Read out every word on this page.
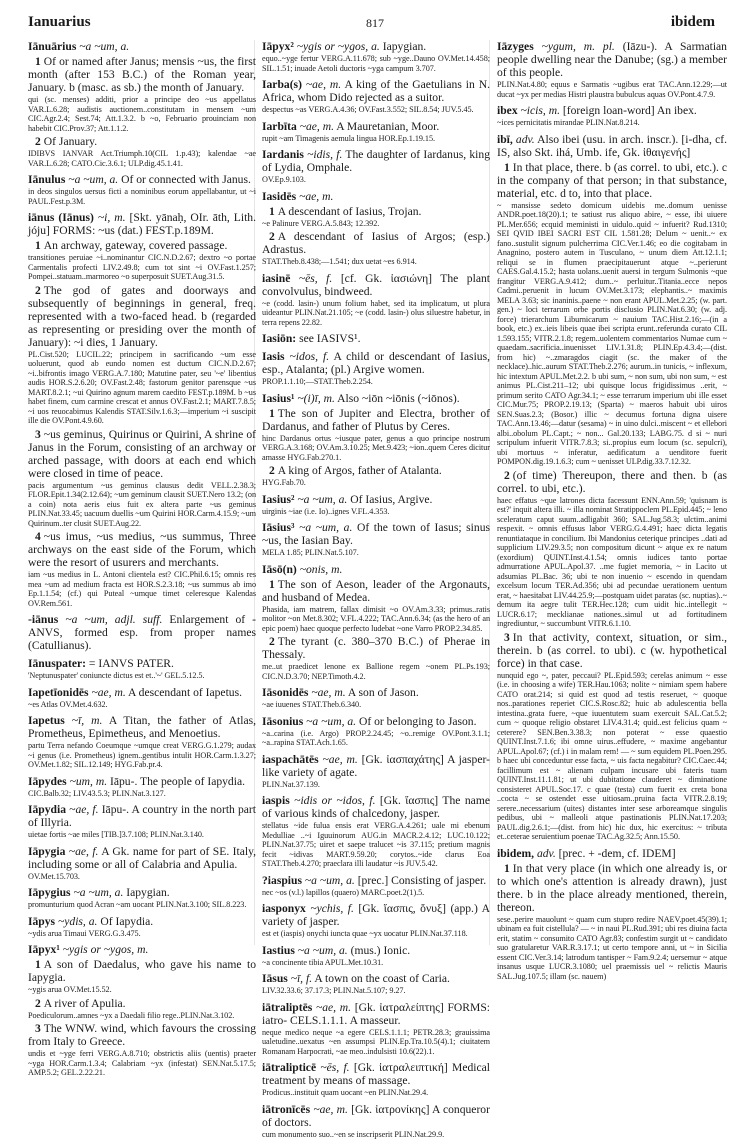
Ianuarius	817	ibidem
Iānuārius ~a ~um, a.
1 Of or named after Janus; mensis ~us, the first month (after 153 B.C.) of the Roman year, January. b (masc. as sb.) the month of January.
qui (sc. menses) additi, prior a principe deo ~us appellatus VAR.L.6.28; audistis auctionem..constitutam in mensem ~um CIC.Agr.2.4; Sest.74; Att.1.3.2. b ~o, Februario prouinciam non habebit CIC.Prov.37; Att.1.1.2.
2 Of January.
IDIBVS IANVAR Act.Triumph.10(CIL 1.p.43); kalendae ~ae VAR.L.6.28; CATO.Cic.3.6.1; ULP.dig.45.1.41.
Iānulus ~a ~um, a. Of or connected with Janus.
in deos singulos uersus ficti a nominibus eorum appellabantur, ut ~i PAUL.Fest.p.3M.
iānus (Iānus) ~i, m. [Skt. yānaḥ, OIr. āth, Lith. jóju] FORMS: ~us (dat.) FEST.p.189M.
1 An archway, gateway, covered passage.
transitiones peruiae ~i..nominantur CIC.N.D.2.67; dextro ~o portae Carmentalis profecti LIV.2.49.8; cum tot sint ~i OV.Fast.1.257; Pompei..statuam..marmoreo ~o superposuit SUET.Aug.31.5.
2 The god of gates and doorways and subsequently of beginnings in general, freq. represented with a two-faced head. b (regarded as representing or presiding over the month of January): ~i dies, 1 January.
PL.Cist.520; LUCIL.22; principem in sacrificando ~um esse uoluerunt, quod ab eundo nomen est ductum CIC.N.D.2.67; ~i..bifrontis imago VERG.A.7.180; Matutine pater, seu '~e' libentius audis HOR.S.2.6.20; OV.Fast.2.48; fastorum genitor parensque ~us MART.8.2.1; ~ui Quirino agnum marem caedito FEST.p.189M. b ~us habet finem, cum carmine crescat et annus OV.Fast.2.1; MART.7.8.5; ~i uos reuocabimus Kalendis STAT.Silv.1.6.3;—imperium ~i suscipit ille die OV.Pont.4.9.60.
3 ~us geminus, Quirinus or Quirini, A shrine of Janus in the Forum, consisting of an archway or arched passage, with doors at each end which were closed in time of peace.
pacis argumentum ~us geminus clausus dedit VELL.2.38.3; FLOR.Epit.1.34(2.12.64); ~um geminum clausit SUET.Nero 13.2; (on a coin) nota aeris eius fuit ex altera parte ~us geminus PLIN.Nat.33.45; uacuum duellis ~um Quirini HOR.Carm.4.15.9; ~um Quirinum..ter clusit SUET.Aug.22.
4 ~us imus, ~us medius, ~us summus, Three archways on the east side of the Forum, which were the resort of usurers and merchants.
iam ~us medius in L. Antoni clientela est? CIC.Phil.6.15; omnis res mea ~um ad medium fracta est HOR.S.2.3.18; ~us summus ab imo Ep.1.1.54; (cf.) qui Puteal ~umque timet celeresque Kalendas OV.Rem.561.
-iānus ~a ~um, adjl. suff. Enlargement of -ANVS, formed esp. from proper names (Catullianus).
Iānuspater: = IANVS PATER.
'Neptunuspater' coniuncte dictus est et..'~' GEL.5.12.5.
Iapetīonidēs ~ae, m. A descendant of Iapetus.
~es Atlas OV.Met.4.632.
Iapetus ~ī, m. A Titan, the father of Atlas, Prometheus, Epimetheus, and Menoetius.
partu Terra nefando Coeumque ~umque creat VERG.G.1.279; audax ~i genus (i.e. Prometheus) ignem..gentibus intulit HOR.Carm.1.3.27; OV.Met.1.82; SIL.12.149; HYG.Fab.pr.4.
Iāpydes ~um, m. Iāpu-. The people of Iapydia.
CIC.Balb.32; LIV.43.5.3; PLIN.Nat.3.127.
Iāpydia ~ae, f. Iāpu-. A country in the north part of Illyria.
uietae fortis ~ae miles [TIB.]3.7.108; PLIN.Nat.3.140.
Iāpygia ~ae, f. A Gk. name for part of SE. Italy, including some or all of Calabria and Apulia.
OV.Met.15.703.
Iāpygius ~a ~um, a. Iapygian.
promunturium quod Acran ~am uocant PLIN.Nat.3.100; SIL.8.223.
Iāpys ~ydis, a. Of Iapydia.
~ydis arua Timaui VERG.G.3.475.
Iāpyx¹ ~ygis or ~ygos, m.
1 A son of Daedalus, who gave his name to Iapygia.
~ygis arua OV.Met.15.52.
2 A river of Apulia.
Poediculorum..amnes ~yx a Daedali filio rege..PLIN.Nat.3.102.
3 The WNW. wind, which favours the crossing from Italy to Greece.
undis et ~yge ferri VERG.A.8.710; obstrictis aliis (uentis) praeter ~yga HOR.Carm.1.3.4; Calabriam ~yx (infestat) SEN.Nat.5.17.5; AMP.5.2; GEL.2.22.21.
Iāpyx² ~ygis or ~ygos, a. Iapygian.
equo..~yge fertur VERG.A.11.678; sub ~yge..Dauno OV.Met.14.458; SIL.1.51; inuade Aetoli ductoris ~yga campum 3.707.
Iarba(s) ~ae, m. A king of the Gaetulians in N. Africa, whom Dido rejected as a suitor.
despectus ~as VERG.A.4.36; OV.Fast.3.552; SIL.8.54; JUV.5.45.
Iarbīta ~ae, m. A Mauretanian, Moor.
rupit ~am Timagenis aemula lingua HOR.Ep.1.19.15.
Iardanis ~idis, f. The daughter of Iardanus, king of Lydia, Omphale.
OV.Ep.9.103.
Iasidēs ~ae, m.
1 A descendant of Iasius, Trojan.
~e Palinure VERG.A.5.843; 12.392.
2 A descendant of Iasius of Argos; (esp.) Adrastus.
STAT.Theb.8.438;—1.541; dux uetat ~es 6.914.
iasinē ~ēs, f. [cf. Gk. ἰασιώνη] The plant convolvulus, bindweed.
~e (codd. lasin-) unum folium habet, sed ita implicatum, ut plura uideantur PLIN.Nat.21.105; ~e (codd. lasin-) olus siluestre habetur, in terra repens 22.82.
Iasiōn: see IASIVS¹.
Iasis ~idos, f. A child or descendant of Iasius, esp., Atalanta; (pl.) Argive women.
PROP.1.1.10;—STAT.Theb.2.254.
Iasius¹ ~(i)ī, m. Also ~iōn ~iōnis (~iōnos).
1 The son of Jupiter and Electra, brother of Dardanus, and father of Plutus by Ceres.
hinc Dardanus ortus ~iusque pater, genus a quo principe nostrum VERG.A.3.168; OV.Am.3.10.25; Met.9.423; ~ion..quem Ceres dicitur amasse HYG.Fab.270.1.
2 A king of Argos, father of Atalanta.
HYG.Fab.70.
Iasius² ~a ~um, a. Of Iasius, Argive.
uirginis ~iae (i.e. Io)..ignes V.FL.4.353.
Iāsius³ ~a ~um, a. Of the town of Iasus; sinus ~us, the Iasian Bay.
MELA 1.85; PLIN.Nat.5.107.
Iāsō(n) ~onis, m.
1 The son of Aeson, leader of the Argonauts, and husband of Medea.
Phasida, iam matrem, fallax dimisit ~o OV.Am.3.33; primus..ratis molitor ~on Met.8.302; V.FL.4.222; TAC.Ann.6.34; (as the hero of an epic poem) haec quoque perfecto ludebat ~one Varro PROP.2.34.85.
2 The tyrant (c. 380–370 B.C.) of Pherae in Thessaly.
me..ut praedicet lenone ex Ballione regem ~onem PL.Ps.193; CIC.N.D.3.70; NEP.Timoth.4.2.
Iāsonidēs ~ae, m. A son of Jason.
~ae iuuenes STAT.Theb.6.340.
Iāsonius ~a ~um, a. Of or belonging to Jason.
~a..carina (i.e. Argo) PROP.2.24.45; ~o..remige OV.Pont.3.1.1; ~a..rapina STAT.Ach.1.65.
iaspachātēs ~ae, m. [Gk. ἰασπαχάτης] A jasper-like variety of agate.
PLIN.Nat.37.139.
iaspis ~idis or ~idos, f. [Gk. ἴασπις] The name of various kinds of chalcedony, jasper.
stellatus ~ide fulua ensis erat VERG.A.4.261; uale mi ebenum Medulliae ..~i Iguuinorum AUG.in MACR.2.4.12; LUC.10.122; PLIN.Nat.37.75; uiret et saepe tralucet ~is 37.115; pretium magnis fecit ~idivas MART.9.59.20; corytos..~ide clarus Eoa STAT.Theb.4.270; praeclara illi laudatur ~is JUV.5.42.
?iaspius ~a ~um, a. [prec.] Consisting of jasper.
nec ~os (v.l.) lapillos (quaero) MARC.poet.2(1).5.
iasponyx ~ychis, f. [Gk. ἴασπις, ὄνυξ] (app.) A variety of jasper.
est et (iaspis) onychi iuncta quae ~yx uocatur PLIN.Nat.37.118.
Iastius ~a ~um, a. (mus.) Ionic.
~a concinente tibia APUL.Met.10.31.
Iāsus ~ī, f. A town on the coast of Caria.
LIV.32.33.6; 37.17.3; PLIN.Nat.5.107; 9.27.
iātraliptēs ~ae, m. [Gk. ἰατραλείπτης] FORMS: iatro- CELS.1.1.1. A masseur.
neque medico neque ~a egere CELS.1.1.1; PETR.28.3; grauissima ualetudine..uexatus ~en assumpsi PLIN.Ep.Tra.10.5(4).1; ciuitatem Romanam Harpocrati, ~ae meo..indulsisti 10.6(22).1.
iātralipticē ~ēs, f. [Gk. ἰατραλειπτική] Medical treatment by means of massage.
Prodicus..instituit quam uocant ~en PLIN.Nat.29.4.
iātronīcēs ~ae, m. [Gk. ἰατρονίκης] A conqueror of doctors.
cum monumento suo..~en se inscripserit PLIN.Nat.29.9.
Iāzyges ~ygum, m. pl. (Iāzu-). A Sarmatian people dwelling near the Danube; (sg.) a member of this people.
PLIN.Nat.4.80; equus e Sarmatis ~ugibus erat TAC.Ann.12.29;—ut ducat ~yx per medias Histri plaustra bubulcus aquas OV.Pont.4.7.9.
ibex ~icis, m. [foreign loan-word] An ibex.
~ices pernicitatis mirandae PLIN.Nat.8.214.
ibī, adv. Also ibei (usu. in arch. inscr.). [i-dha, cf. IS, also Skt. ihá, Umb. ife, Gk. ἰθαιγενής]
1 In that place, there. b (as correl. to ubi, etc.). c in the company of that person; in that substance, material, etc. d to, into that place.
~ mansisse sedeto domicum uidebis me..domum uenisse ANDR.poet.18(20).1; te satiust rus aliquo abire, ~ esse, ibi uiuere PL.Mer.656; ecquid meministi in uidulo..quid ~ infuerit? Rud.1310; SEI QVID IBEI SACRI EST CIL 1.581.28; Delum ~ uenit..~ ex fano..sustulit signum pulcherrima CIC.Ver.1.46; eo die cogitabam in Anagnino, postero autem in Tusculano, ~ unum diem Att.12.1.1; reliqui se in flumen praecipitauerunt atque ~..perierunt CAES.Gal.4.15.2; hasta uolans..uenit auersi in tergum Sulmonis ~que frangitur VERG.A.9.412; dum..~ perluitur..Titania..ecce nepos Cadmi..peruenit in lucum OV.Met.3.173; elephantis..~ maximis MELA 3.63; sic inaninis..paene ~ non erant APUL.Met.2.25; (w. part. gen.) ~ loci terrarum orbe portis disclusio PLIN.Nat.6.30; (w. adj. force) trierarchum Liburnicarum ~ nauium TAC.Hist.2.16;—(in a book, etc.) ex..ieis libeis quae ibei scripta erunt..referunda curato CIL 1.593.155; VITR.2.1.8; regem..uolentem commentarios Numae cum ~ quaedam..sacrificia..inuenisset LIV.1.31.8; PLIN.Ep.4.3.4;—(dist. from hic) ~..zmaragdos ciagit (sc. the maker of the necklace)..hic..aurum STAT.Theb.2.276; aurum..in tunicis, ~ inflexum, hic intextum APUL.Met.2.2. b ubi sum, ~ non sum, ubi non sum, ~ est animus PL.Cist.211–12; ubi quisque locus frigidissimus ..erit, ~ primum serito CATO Agr.34.1; ~ esse terrarum imperium ubi ille esset CIC.Mur.75; PROP.2.19.13; (Sparta) ~ maeros habuit ubi uiros SEN.Suas.2.3; (Bosor.) illic ~ decumus fortuna digna uisere TAC.Ann.13.46;—datur (sesama) ~ in uino dulci..miscent ~ et ellebori albi..obolum PL.Capt.; ~ non... Gal.20.133; LABG.75. d si ~ nuri scripulum infuerit VITR.7.8.3; si..propius eum locum (sc. sepulcri), ubi mortuus ~ inferatur, aedificatum a uenditore fuerit POMPON.dig.19.1.6.3; cum ~ uenisset ULP.dig.33.7.12.32.
2 (of time) Thereupon, there and then. b (as correl. to ubi, etc.).
haec effatus ~que latrones dicta facessunt ENN.Ann.59; 'quisnam is est?' inquit altera illi. ~ illa nominat Stratippoclem PL.Epid.445; ~ leno sceleratum caput suum..adligabit 360; SAL.Jug.58.3; ulctim..animi respexit. ~ omnis effusus labor VERG.G.4.491; haec dicta legatis renuntiataque in concilium. Ibi Mandonius ceterique principes ..dati ad supplicium LIV.29.3.5; non compositum dicunt ~ atque ex re natum (exordium) QUINT.Inst.4.1.54; omnis iudices tanto portae admurratione APUL.Apol.37. ..me fugiet memoria, ~ in Lacito ut adsumias PL.Bac. 36; ubi te non inuenio ~ escendo in quendam excelsum locum TER.Ad.356; ubi ad pecundae uerationem uentum erat, ~ haesitabat LIV.44.25.9;—postquam uidet paratas (sc. nuptias)..~ demum ita aegre tulit TER.Hec.128; cum uidit hic..intellegit ~ LUCR.6.17; mecklianae nationes..simul ut ad fortitudinem ingrediuntur, ~ succumbunt VITR.6.1.10.
3 In that activity, context, situation, or sim., therein. b (as correl. to ubi). c (w. hypothetical force) in that case.
nunquid ego ~, pater, peccaui? PL.Epid.593; cerelas animum ~ esse (i.e. in choosing a wife) TER.Hau.1063; nolite ~ nimiam spem habere CATO orat.214; si quid est quod ad testis reseruet, ~ quoque nos..parationes reperiet CIC.S.Rosc.82; huic ab adulescentia bella intestina..grata fuere, ~que iuuentutem suam exercuit SAL.Cat.5.2; cum ~ quoque religio obstaret LIV.4.31.4; quid..est felicius quam ~ ceterere? SEN.Ben.3.38.3; non poterat ~ esse quaestio QUINT.Inst.7.1.6; ibi omne uirus..effudere, ~ maxime angebantur APUL.Apol.67; (cf.) i in malam rem! — ~ sum equidem PL.Poen.295. b haec ubi conceduntur esse facta, ~ uis facta negabitur? CIC.Caec.44; facillimum est ~ alienam culpam incusare ubi fateris tuam QUINT.Inst.11.1.81; ut ubi dubitatione clauderet ~ diminatione consisteret APUL.Soc.17. c quae (testa) cum fuerit ex creta bona ..cocta ~ se ostendet esse uitiosam..pruina facta VITR.2.8.19; serere..necessarium (uites) distantes inter sese arboreamque singulis pedibus, ubi ~ malleoli atque pastinationis PLIN.Nat.17.203; PAUL.dig.2.6.1;—(dist. from hic) hic dux, hic exercitus: ~ tributa et..ceterae seruientium poenae TAC.Ag.32.5; Ann.15.50.
ibidem, adv. [prec. + -dem, cf. IDEM]
1 In that very place (in which one already is, or to which one's attention is already drawn), just there. b in the place already mentioned, therein, thereon.
sese..perire mauolunt ~ quam cum stupro redire NAEV.poet.45(39).1; ubinam ea fuit cistellula? — ~ in naui PL.Rud.391; ubi res diuina facta erit, statim ~ consumito CATO Agr.83; confestim surgit ut ~ candidato suo gratularetur VAR.R.3.17.1; ut certo tempore anni, ut ~ in Sicilia essent CIC.Ver.3.14; latrodum tantisper ~ Fam.9.2.4; uersemur ~ atque insanus usque LUCR.3.1080; uel praemissis uel ~ relictis Mauris SAL.Jug.107.5; illam (sc. nauem)
